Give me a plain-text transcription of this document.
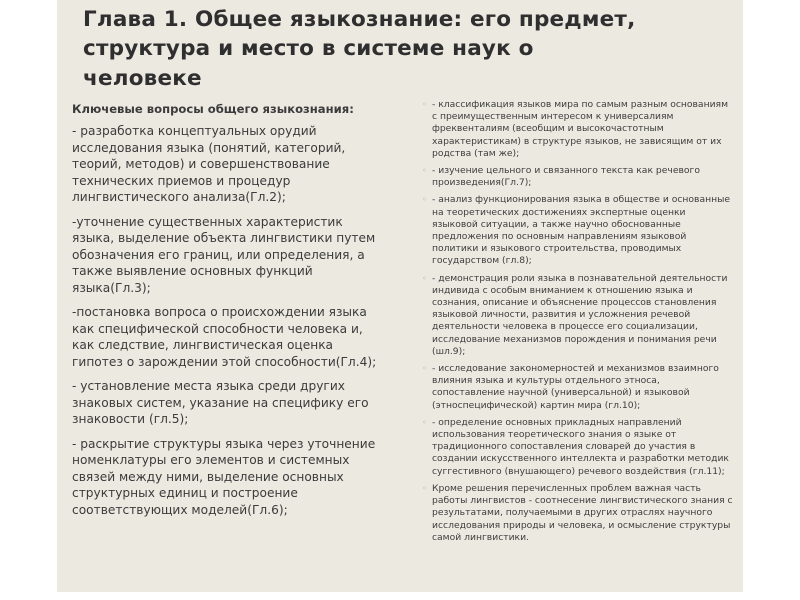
Глава 1. Общее языкознание: его предмет,
структура и место в системе наук о
человеке
Ключевые вопросы общего языкознания:

- разработка концептуальных орудий исследования языка (понятий, категорий, теорий, методов) и совершенствование технических приемов и процедур лингвистического анализа(Гл.2);

-уточнение существенных характеристик языка, выделение объекта лингвистики путем обозначения его границ, или определения, а также выявление основных функций языка(Гл.3);

-постановка вопроса о происхождении языка как специфической способности человека и, как следствие, лингвистическая оценка гипотез о зарождении этой способности(Гл.4);

- установление места языка среди других знаковых систем, указание на специфику его знаковости (гл.5);

- раскрытие структуры языка через уточнение номенклатуры его элементов и системных связей между ними, выделение основных структурных единиц и построение соответствующих моделей(Гл.6);

◦ - классификация языков мира по самым разным основаниям с преимущественным интересом к универсалиям фреквенталиям (всеобщим и высокочастотным характеристикам) в структуре языков, не зависящим от их родства (там же);
◦ - изучение цельного и связанного текста как речевого произведения(Гл.7);
◦ - анализ функционирования языка в обществе и основанные на теоретических достижениях экспертные оценки языковой ситуации, а также научно обоснованные предложения по основным направлениям языковой политики и языкового строительства, проводимых государством (гл.8);
◦ - демонстрация роли языка в познавательной деятельности индивида с особым вниманием к отношению языка и сознания, описание и объяснение процессов становления языковой личности, развития и усложнения речевой деятельности человека в процессе его социализации, исследование механизмов порождения и понимания речи (шл.9);
◦ - исследование закономерностей и механизмов взаимного влияния языка и культуры отдельного этноса, сопоставление научной (универсальной) и языковой (этноспецифической) картин мира (гл.10);
◦ - определение основных прикладных направлений использования теоретического знания о языке от традиционного сопоставления словарей до участия в создании искусственного интеллекта и разработки методик суггестивного (внушающего) речевого воздействия (гл.11);
◦ Кроме решения перечисленных проблем важная часть работы лингвистов - соотнесение лингвистического знания с результатами, получаемыми в других отраслях научного исследования природы и человека, и осмысление структуры самой лингвистики.
